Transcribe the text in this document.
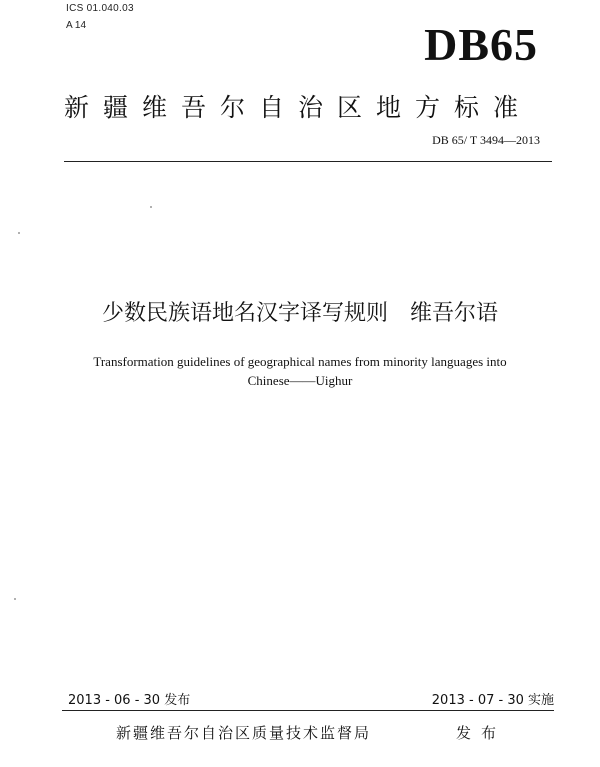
ICS 01.040.03
A 14	DB65
新疆维吾尔自治区地方标准
DB 65/ T 3494—2013
少数民族语地名汉字译写规则　维吾尔语
Transformation guidelines of geographical names from minority languages into
Chinese——Uighur
2013 - 06 - 30 发布	2013 - 07 - 30 实施
新疆维吾尔自治区质量技术监督局	发布
